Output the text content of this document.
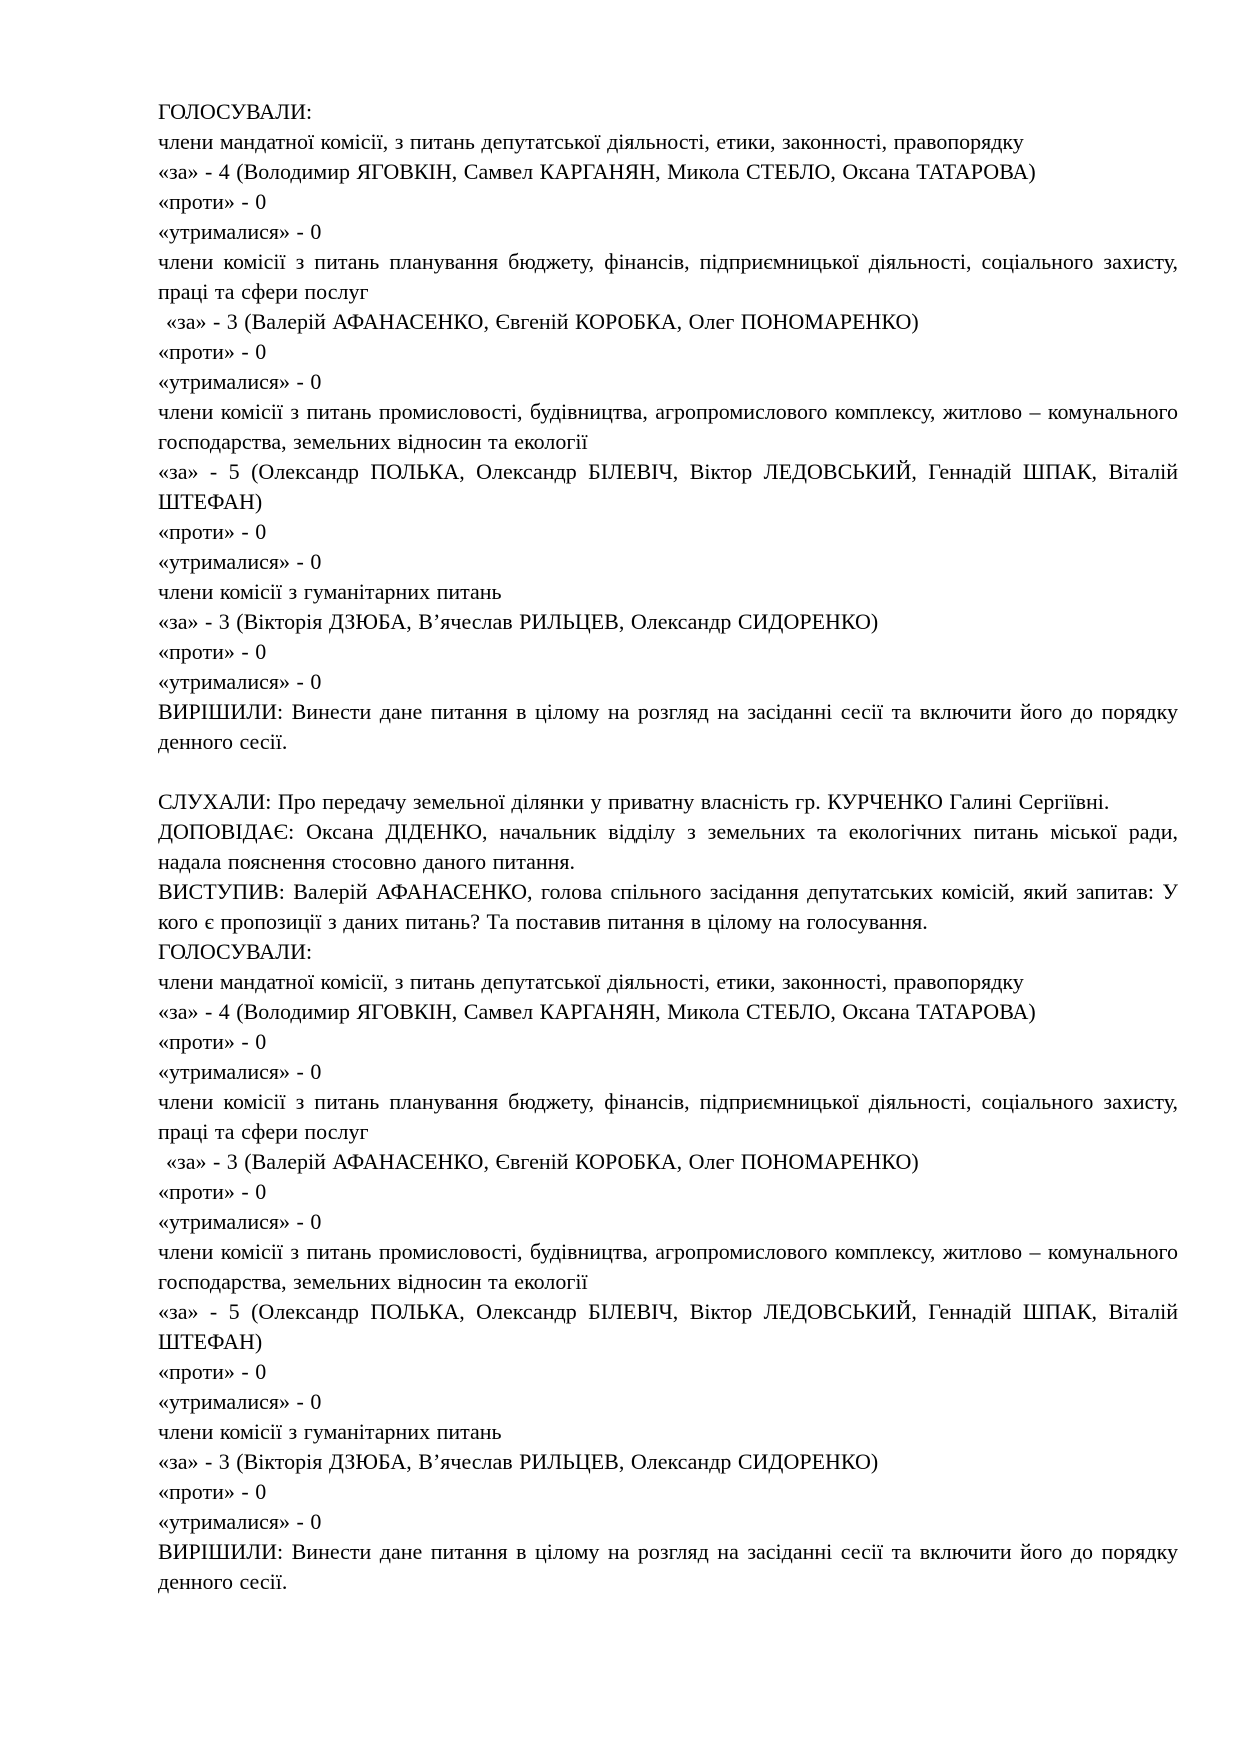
ГОЛОСУВАЛИ:

члени мандатної комісії, з питань депутатської діяльності, етики, законності, правопорядку

«за» - 4 (Володимир ЯГОВКІН, Самвел КАРГАНЯН, Микола СТЕБЛО, Оксана ТАТАРОВА)

«проти» - 0

«утрималися» - 0

члени комісії з питань планування бюджету, фінансів, підприємницької діяльності, соціального захисту, праці та сфери послуг

«за» - 3 (Валерій АФАНАСЕНКО, Євгеній КОРОБКА, Олег ПОНОМАРЕНКО)

«проти» - 0

«утрималися» - 0

члени комісії з питань промисловості, будівництва, агропромислового комплексу, житлово – комунального господарства, земельних відносин та екології

«за» - 5 (Олександр ПОЛЬКА, Олександр БІЛЕВІЧ, Віктор ЛЕДОВСЬКИЙ, Геннадій ШПАК, Віталій ШТЕФАН)

«проти» - 0

«утрималися» - 0

члени комісії з гуманітарних питань

«за» - 3 (Вікторія ДЗЮБА, В’ячеслав РИЛЬЦЕВ, Олександр СИДОРЕНКО)

«проти» - 0

«утрималися» - 0

ВИРІШИЛИ: Винести дане питання в цілому на розгляд на засіданні сесії та включити його до порядку денного сесії.

СЛУХАЛИ: Про передачу земельної ділянки у приватну власність гр. КУРЧЕНКО Галині Сергіївні.

ДОПОВІДАЄ: Оксана ДІДЕНКО, начальник відділу з земельних та екологічних питань міської ради, надала пояснення стосовно даного питання.

ВИСТУПИВ: Валерій АФАНАСЕНКО, голова спільного засідання депутатських комісій, який запитав: У кого є пропозиції з даних питань? Та поставив питання в цілому на голосування.

ГОЛОСУВАЛИ:

члени мандатної комісії, з питань депутатської діяльності, етики, законності, правопорядку

«за» - 4 (Володимир ЯГОВКІН, Самвел КАРГАНЯН, Микола СТЕБЛО, Оксана ТАТАРОВА)

«проти» - 0

«утрималися» - 0

члени комісії з питань планування бюджету, фінансів, підприємницької діяльності, соціального захисту, праці та сфери послуг

«за» - 3 (Валерій АФАНАСЕНКО, Євгеній КОРОБКА, Олег ПОНОМАРЕНКО)

«проти» - 0

«утрималися» - 0

члени комісії з питань промисловості, будівництва, агропромислового комплексу, житлово – комунального господарства, земельних відносин та екології

«за» - 5 (Олександр ПОЛЬКА, Олександр БІЛЕВІЧ, Віктор ЛЕДОВСЬКИЙ, Геннадій ШПАК, Віталій ШТЕФАН)

«проти» - 0

«утрималися» - 0

члени комісії з гуманітарних питань

«за» - 3 (Вікторія ДЗЮБА, В’ячеслав РИЛЬЦЕВ, Олександр СИДОРЕНКО)

«проти» - 0

«утрималися» - 0

ВИРІШИЛИ: Винести дане питання в цілому на розгляд на засіданні сесії та включити його до порядку денного сесії.
